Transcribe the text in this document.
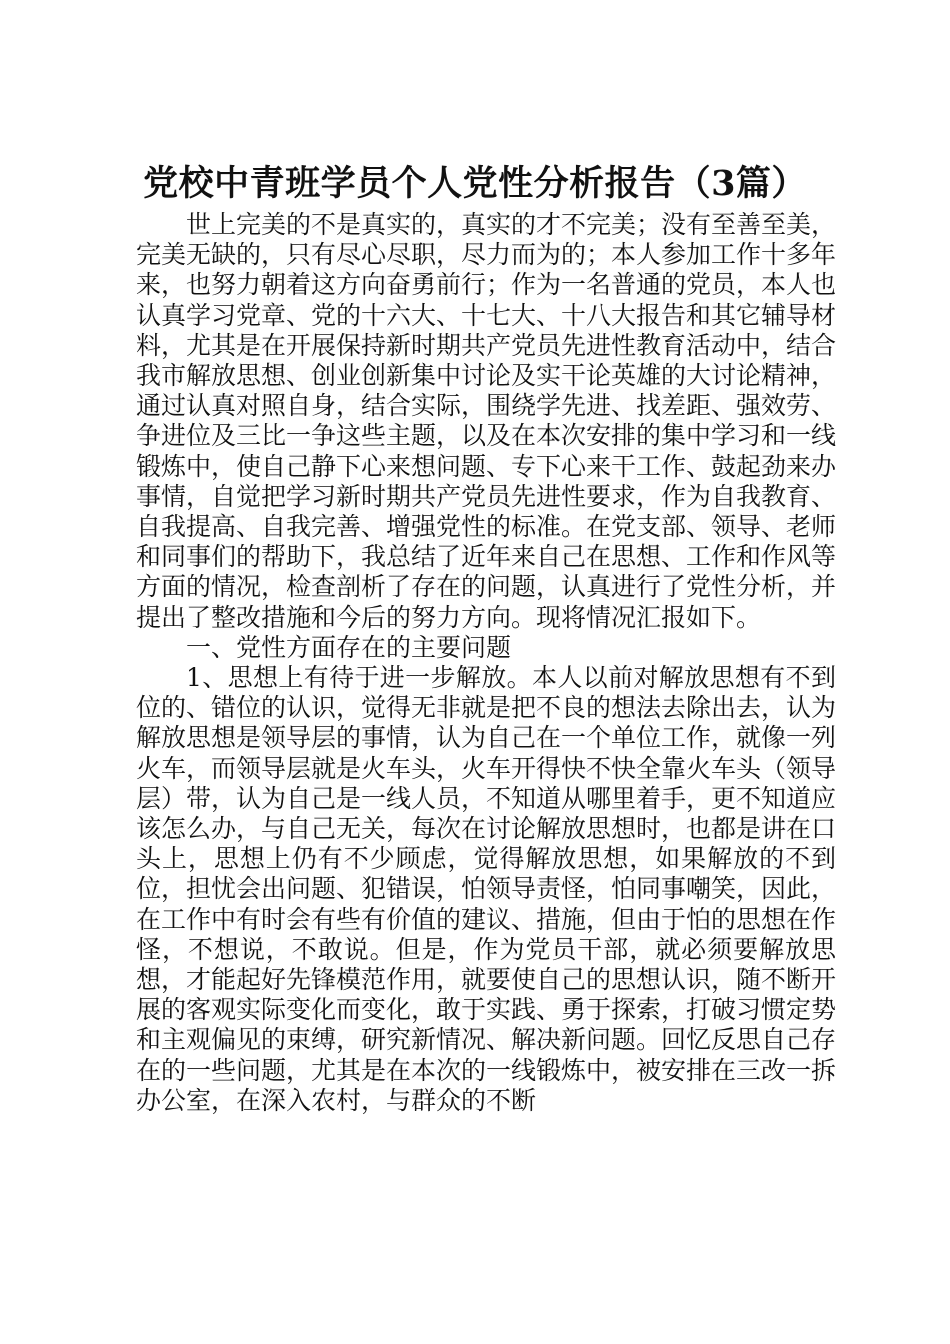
党校中青班学员个人党性分析报告（3篇）

世上完美的不是真实的，真实的才不完美；没有至善至美，完美无缺的，只有尽心尽职，尽力而为的；本人参加工作十多年来，也努力朝着这方向奋勇前行；作为一名普通的党员，本人也认真学习党章、党的十六大、十七大、十八大报告和其它辅导材料，尤其是在开展保持新时期共产党员先进性教育活动中，结合我市解放思想、创业创新集中讨论及实干论英雄的大讨论精神，通过认真对照自身，结合实际，围绕学先进、找差距、强效劳、争进位及三比一争这些主题，以及在本次安排的集中学习和一线锻炼中，使自己静下心来想问题、专下心来干工作、鼓起劲来办事情，自觉把学习新时期共产党员先进性要求，作为自我教育、自我提高、自我完善、增强党性的标准。在党支部、领导、老师和同事们的帮助下，我总结了近年来自己在思想、工作和作风等方面的情况，检查剖析了存在的问题，认真进行了党性分析，并提出了整改措施和今后的努力方向。现将情况汇报如下。

一、党性方面存在的主要问题

1、思想上有待于进一步解放。本人以前对解放思想有不到位的、错位的认识，觉得无非就是把不良的想法去除出去，认为解放思想是领导层的事情，认为自己在一个单位工作，就像一列火车，而领导层就是火车头，火车开得快不快全靠火车头（领导层）带，认为自己是一线人员，不知道从哪里着手，更不知道应该怎么办，与自己无关，每次在讨论解放思想时，也都是讲在口头上，思想上仍有不少顾虑，觉得解放思想，如果解放的不到位，担忧会出问题、犯错误，怕领导责怪，怕同事嘲笑，因此，在工作中有时会有些有价值的建议、措施，但由于怕的思想在作怪，不想说，不敢说。但是，作为党员干部，就必须要解放思想，才能起好先锋模范作用，就要使自己的思想认识，随不断开展的客观实际变化而变化，敢于实践、勇于探索，打破习惯定势和主观偏见的束缚，研究新情况、解决新问题。回忆反思自己存在的一些问题，尤其是在本次的一线锻炼中，被安排在三改一拆办公室，在深入农村，与群众的不断
